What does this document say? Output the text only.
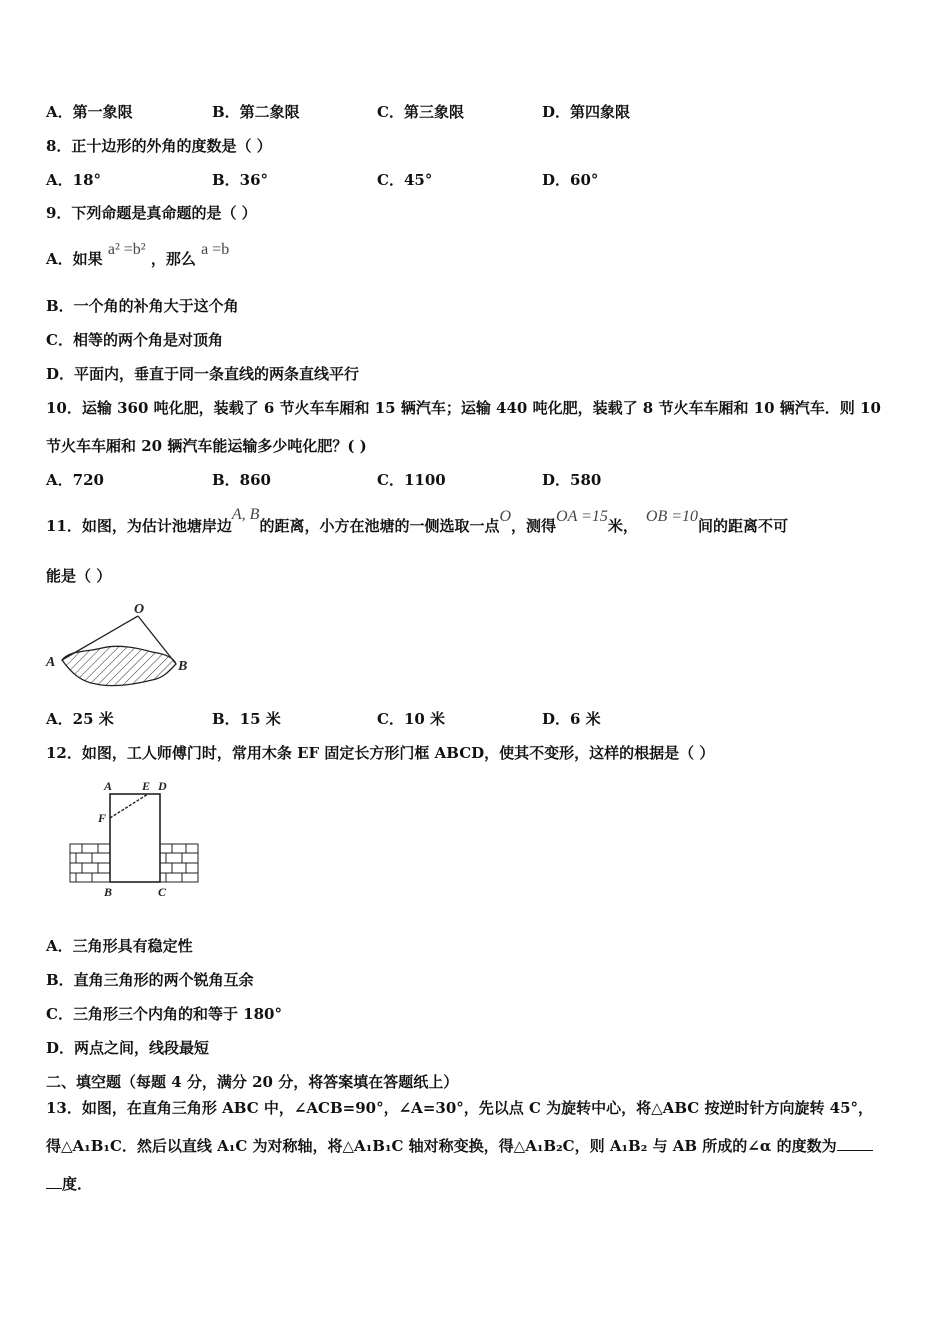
A．第一象限	B．第二象限	C．第三象限	D．第四象限
8．正十边形的外角的度数是（ ）
A．18°	B．36°	C．45°	D．60°
9．下列命题是真命题的是（ ）
A．如果 a² =b² ，那么 a =b
B．一个角的补角大于这个角
C．相等的两个角是对顶角
D．平面内，垂直于同一条直线的两条直线平行
10．运输 360 吨化肥，装载了 6 节火车车厢和 15 辆汽车；运输 440 吨化肥，装载了 8 节火车车厢和 10 辆汽车．则 10
节火车车厢和 20 辆汽车能运输多少吨化肥？( )
A．720	B．860	C．1100	D．580
11．如图，为估计池塘岸边A, B的距离，小方在池塘的一侧选取一点O，测得OA =15米，OB =10间的距离不可
能是（ ）
O
A	B
A．25 米	B．15 米	C．10 米	D．6 米
12．如图，工人师傅门时，常用木条 EF 固定长方形门框 ABCD，使其不变形，这样的根据是（ ）
A E D
F
B	C
A．三角形具有稳定性
B．直角三角形的两个锐角互余
C．三角形三个内角的和等于 180°
D．两点之间，线段最短
二、填空题（每题 4 分，满分 20 分，将答案填在答题纸上）
13．如图，在直角三角形 ABC 中，∠ACB=90°，∠A=30°，先以点 C 为旋转中心，将△ABC 按逆时针方向旋转 45°，
得△A₁B₁C．然后以直线 A₁C 为对称轴，将△A₁B₁C 轴对称变换，得△A₁B₂C，则 A₁B₂ 与 AB 所成的∠α 的度数为
度．
